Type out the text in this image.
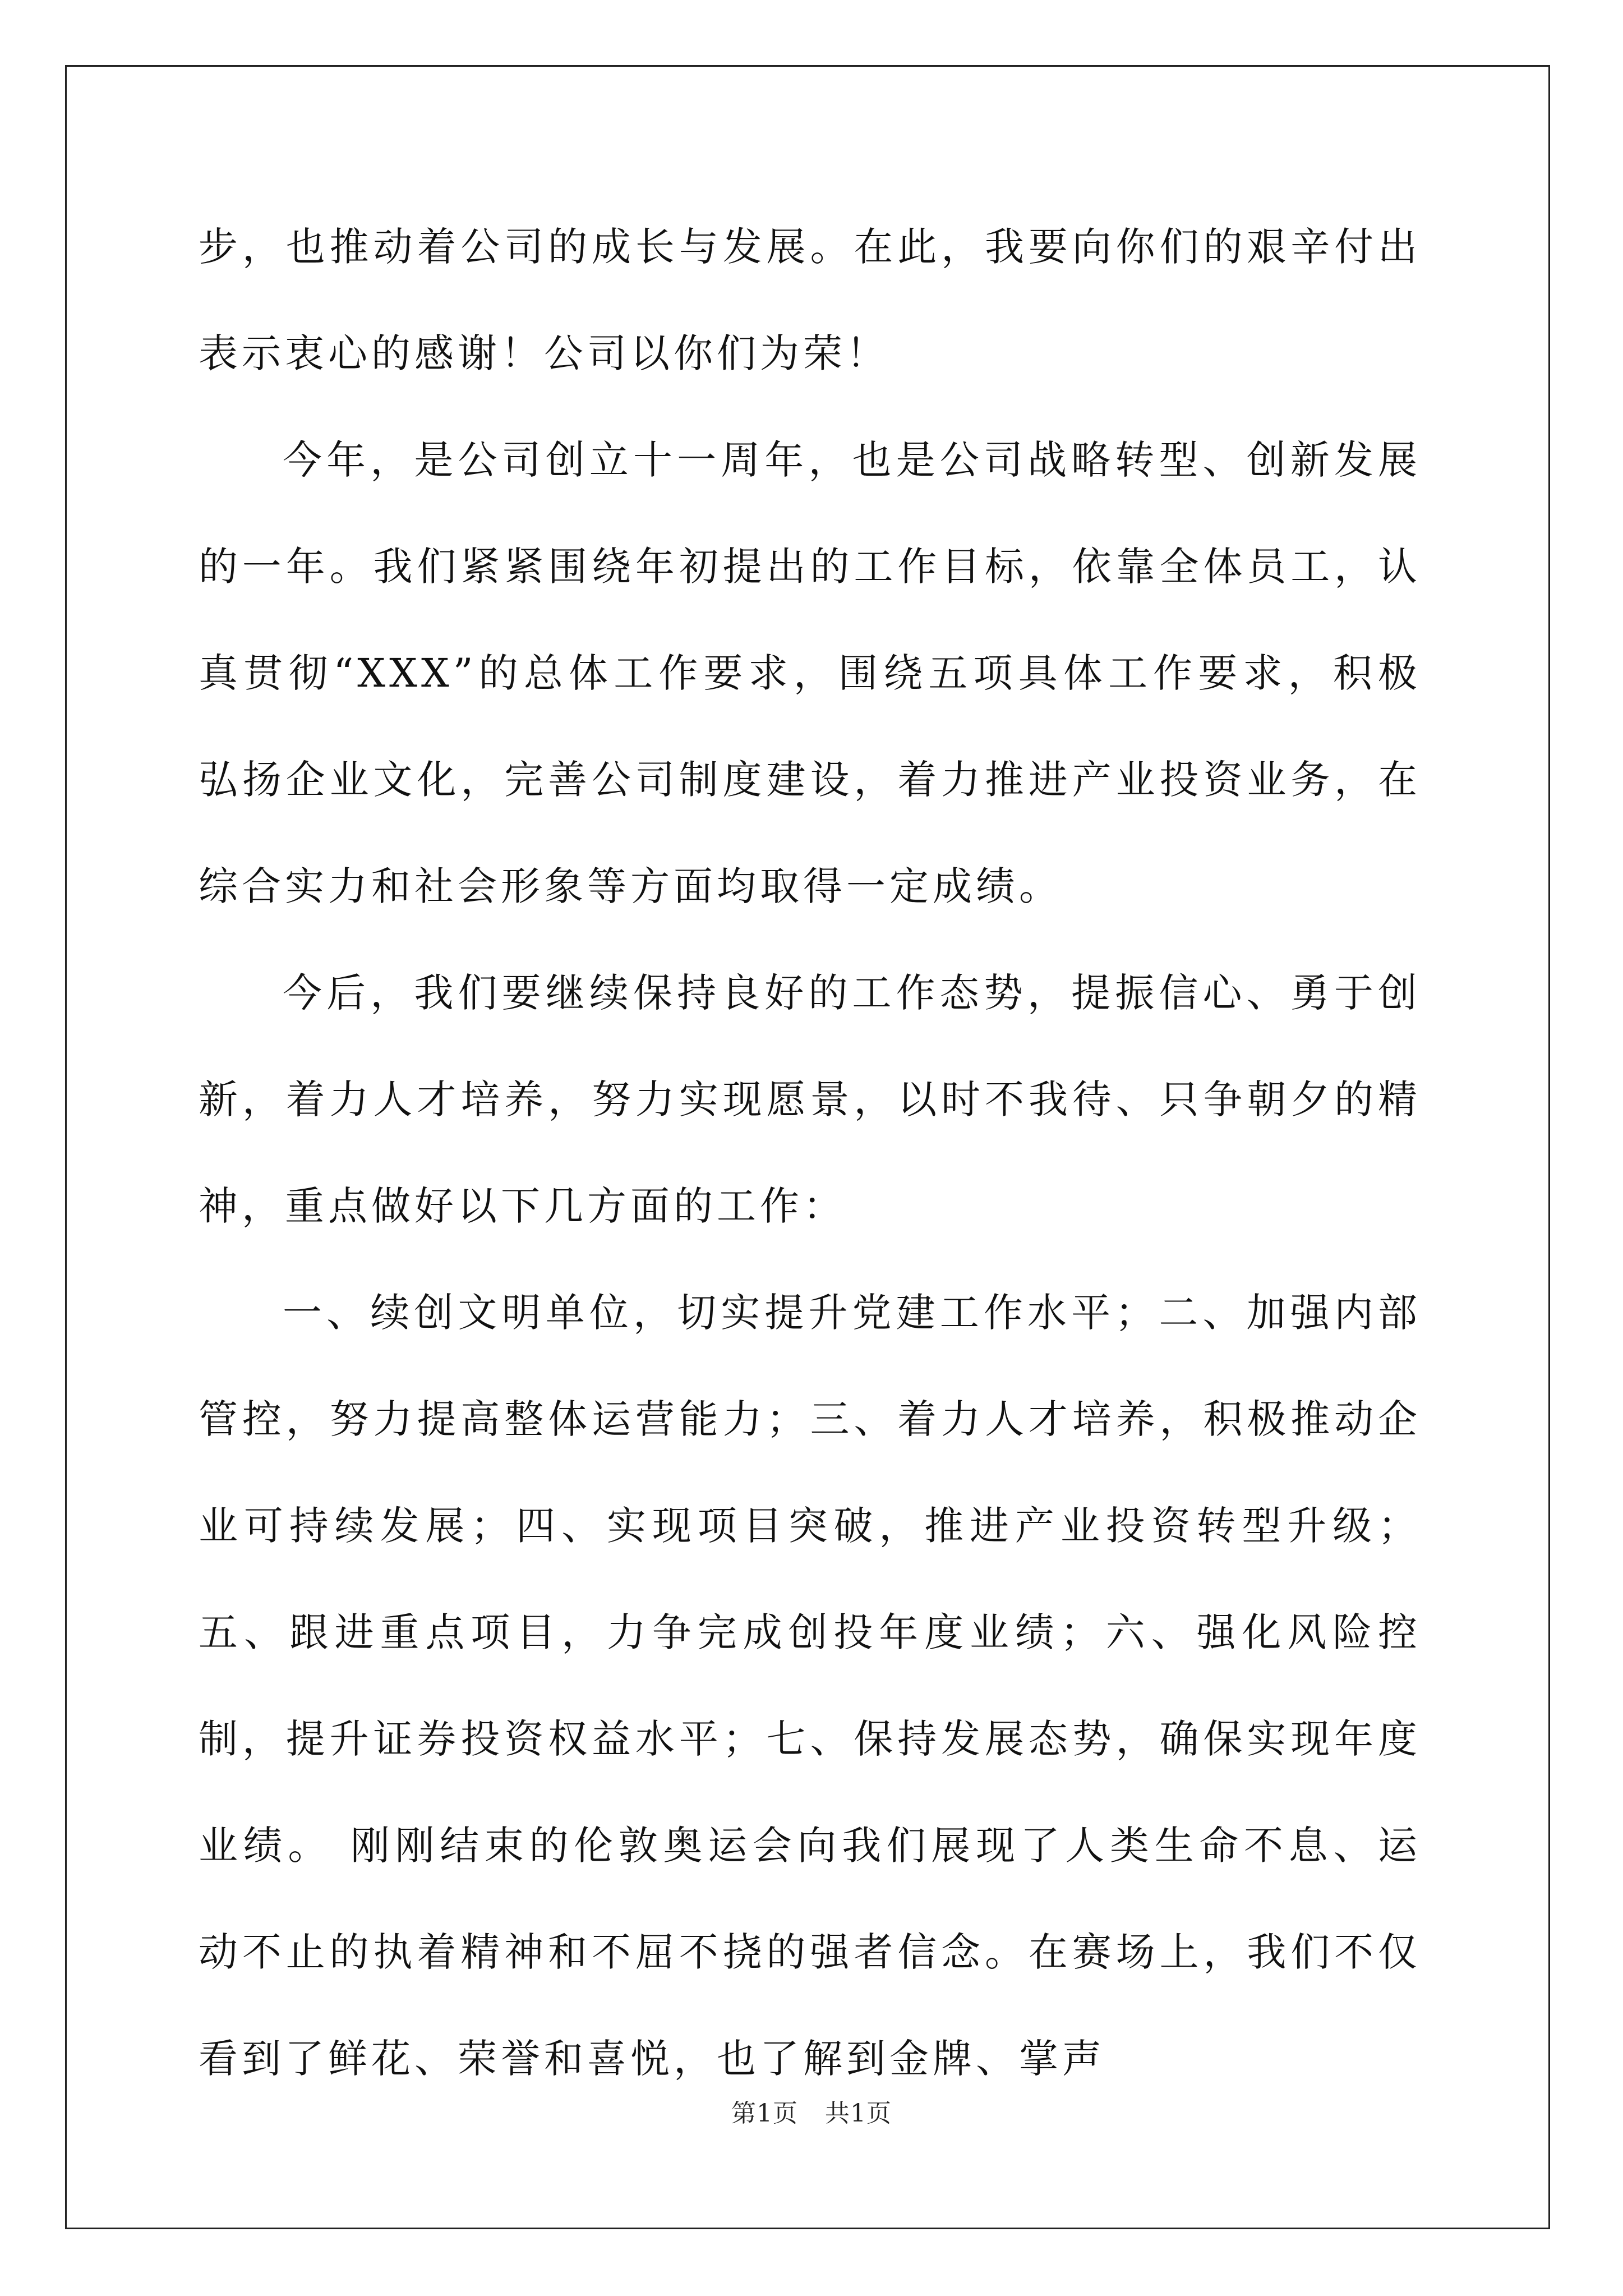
步，也推动着公司的成长与发展。在此，我要向你们的艰辛付出表示衷心的感谢！公司以你们为荣！

今年，是公司创立十一周年，也是公司战略转型、创新发展的一年。我们紧紧围绕年初提出的工作目标，依靠全体员工，认真贯彻“XXX”的总体工作要求，围绕五项具体工作要求，积极弘扬企业文化，完善公司制度建设，着力推进产业投资业务，在综合实力和社会形象等方面均取得一定成绩。

今后，我们要继续保持良好的工作态势，提振信心、勇于创新，着力人才培养，努力实现愿景，以时不我待、只争朝夕的精神，重点做好以下几方面的工作：

一、续创文明单位，切实提升党建工作水平；二、加强内部管控，努力提高整体运营能力；三、着力人才培养，积极推动企业可持续发展；四、实现项目突破，推进产业投资转型升级；五、跟进重点项目，力争完成创投年度业绩；六、强化风险控制，提升证券投资权益水平；七、保持发展态势，确保实现年度业绩。 刚刚结束的伦敦奥运会向我们展现了人类生命不息、运动不止的执着精神和不屈不挠的强者信念。在赛场上，我们不仅看到了鲜花、荣誉和喜悦，也了解到金牌、掌声

第1页 共1页
